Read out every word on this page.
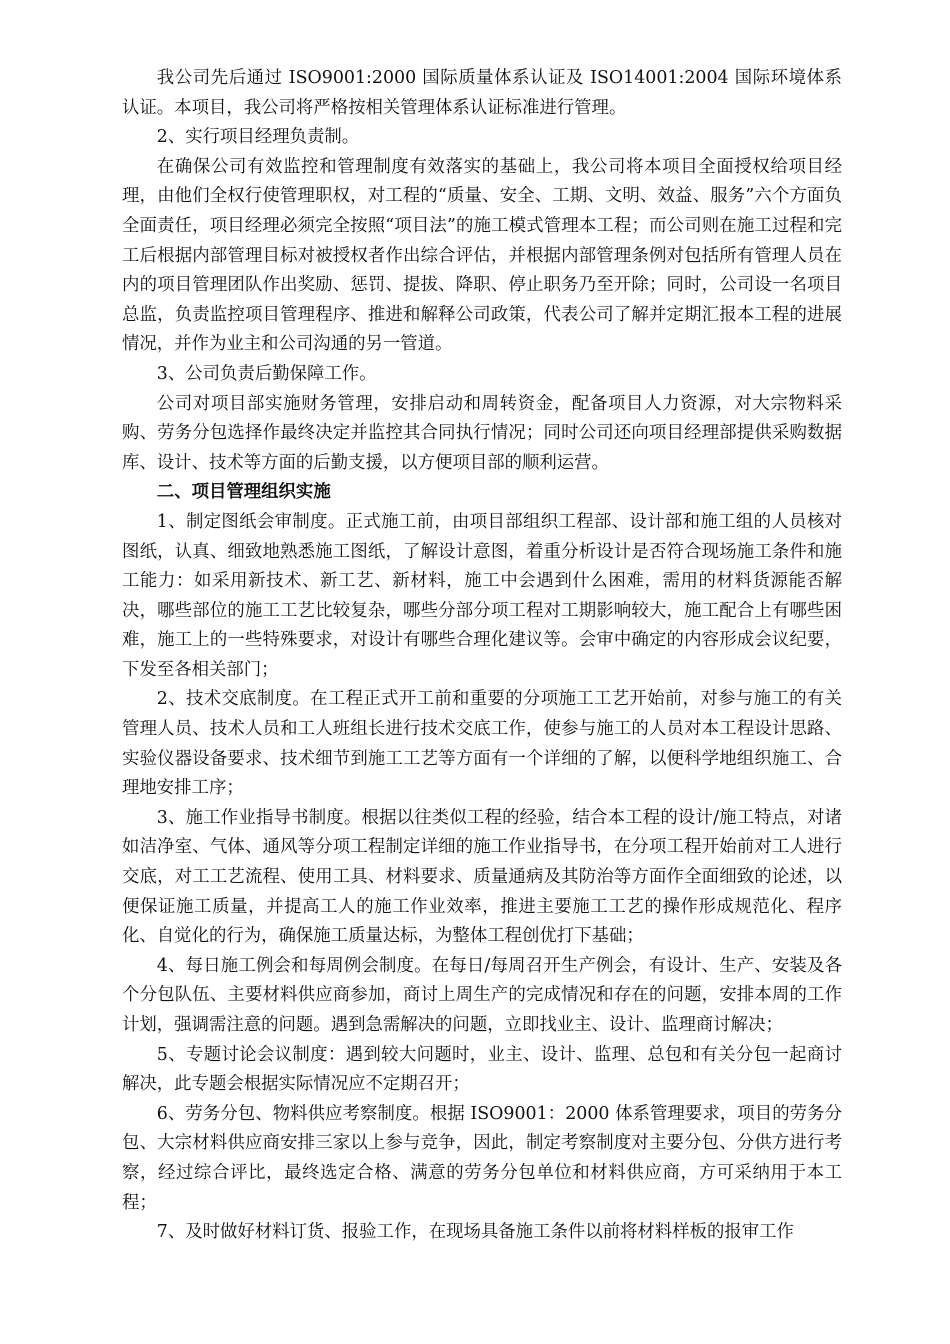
我公司先后通过 ISO9001:2000 国际质量体系认证及 ISO14001:2004 国际环境体系认证。本项目，我公司将严格按相关管理体系认证标准进行管理。

2、实行项目经理负责制。

在确保公司有效监控和管理制度有效落实的基础上，我公司将本项目全面授权给项目经理，由他们全权行使管理职权，对工程的“质量、安全、工期、文明、效益、服务”六个方面负全面责任，项目经理必须完全按照“项目法”的施工模式管理本工程；而公司则在施工过程和完工后根据内部管理目标对被授权者作出综合评估，并根据内部管理条例对包括所有管理人员在内的项目管理团队作出奖励、惩罚、提拔、降职、停止职务乃至开除；同时，公司设一名项目总监，负责监控项目管理程序、推进和解释公司政策，代表公司了解并定期汇报本工程的进展情况，并作为业主和公司沟通的另一管道。

3、公司负责后勤保障工作。

公司对项目部实施财务管理，安排启动和周转资金，配备项目人力资源，对大宗物料采购、劳务分包选择作最终决定并监控其合同执行情况；同时公司还向项目经理部提供采购数据库、设计、技术等方面的后勤支援，以方便项目部的顺利运营。

二、项目管理组织实施

1、制定图纸会审制度。正式施工前，由项目部组织工程部、设计部和施工组的人员核对图纸，认真、细致地熟悉施工图纸，了解设计意图，着重分析设计是否符合现场施工条件和施工能力：如采用新技术、新工艺、新材料，施工中会遇到什么困难，需用的材料货源能否解决，哪些部位的施工工艺比较复杂，哪些分部分项工程对工期影响较大，施工配合上有哪些困难，施工上的一些特殊要求，对设计有哪些合理化建议等。会审中确定的内容形成会议纪要，下发至各相关部门；

2、技术交底制度。在工程正式开工前和重要的分项施工工艺开始前，对参与施工的有关管理人员、技术人员和工人班组长进行技术交底工作，使参与施工的人员对本工程设计思路、实验仪器设备要求、技术细节到施工工艺等方面有一个详细的了解，以便科学地组织施工、合理地安排工序；

3、施工作业指导书制度。根据以往类似工程的经验，结合本工程的设计/施工特点，对诸如洁净室、气体、通风等分项工程制定详细的施工作业指导书，在分项工程开始前对工人进行交底，对工工艺流程、使用工具、材料要求、质量通病及其防治等方面作全面细致的论述，以便保证施工质量，并提高工人的施工作业效率，推进主要施工工艺的操作形成规范化、程序化、自觉化的行为，确保施工质量达标，为整体工程创优打下基础；

4、每日施工例会和每周例会制度。在每日/每周召开生产例会，有设计、生产、安装及各个分包队伍、主要材料供应商参加，商讨上周生产的完成情况和存在的问题，安排本周的工作计划，强调需注意的问题。遇到急需解决的问题，立即找业主、设计、监理商讨解决；

5、专题讨论会议制度：遇到较大问题时，业主、设计、监理、总包和有关分包一起商讨解决，此专题会根据实际情况应不定期召开；

6、劳务分包、物料供应考察制度。根据 ISO9001：2000 体系管理要求，项目的劳务分包、大宗材料供应商安排三家以上参与竞争，因此，制定考察制度对主要分包、分供方进行考察，经过综合评比，最终选定合格、满意的劳务分包单位和材料供应商，方可采纳用于本工程；

7、及时做好材料订货、报验工作，在现场具备施工条件以前将材料样板的报审工作
